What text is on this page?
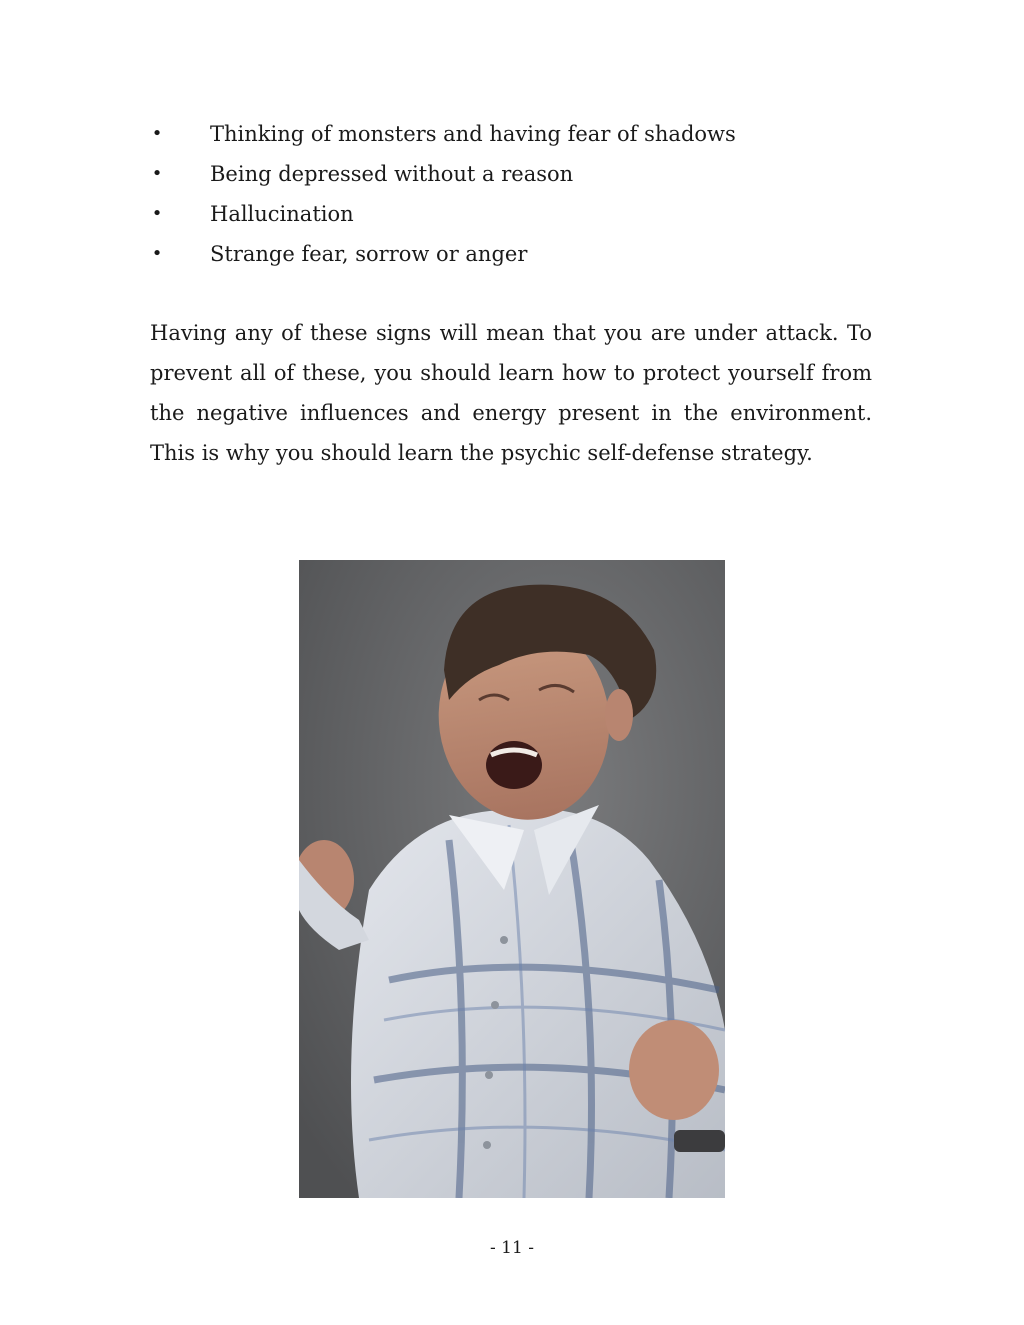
• Thinking of monsters and having fear of shadows
• Being depressed without a reason
• Hallucination
• Strange fear, sorrow or anger

Having any of these signs will mean that you are under attack. To prevent all of these, you should learn how to protect yourself from the negative influences and energy present in the environment. This is why you should learn the psychic self-defense strategy.

- 11 -
